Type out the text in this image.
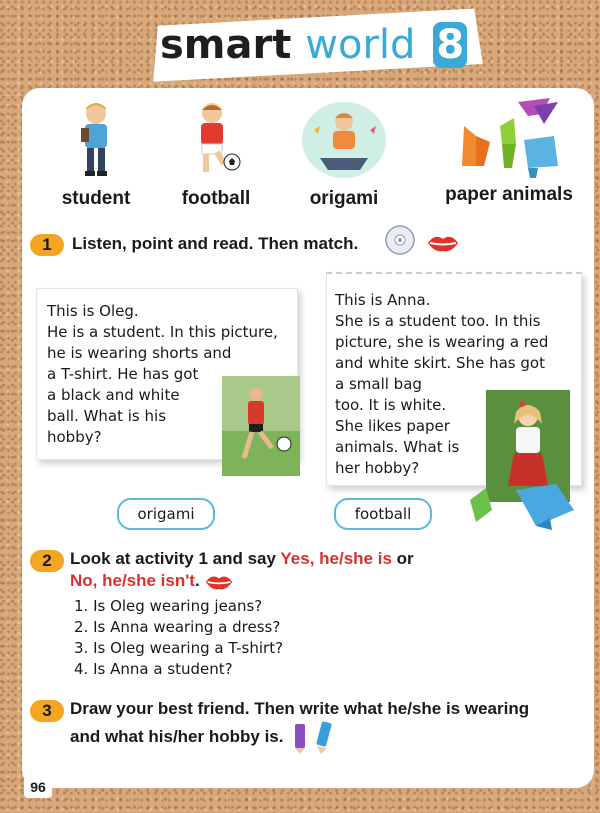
smart world 8
student	football	origami	paper animals
1	Listen, point and read. Then match.

This is Oleg.

He is a student. In this picture,

he is wearing shorts and

a T-shirt. He has got

a black and white

ball. What is his

hobby?

This is Anna.

She is a student too. In this

picture, she is wearing a red

and white skirt. She has got

a small bag

too. It is white.

She likes paper

animals. What is

her hobby?

origami	football
2	Look at activity 1 and say Yes, he/she is or
No, he/she isn't.
1. Is Oleg wearing jeans?
2. Is Anna wearing a dress?
3. Is Oleg wearing a T-shirt?
4. Is Anna a student?
3	Draw your best friend. Then write what he/she is wearing
and what his/her hobby is.
96
